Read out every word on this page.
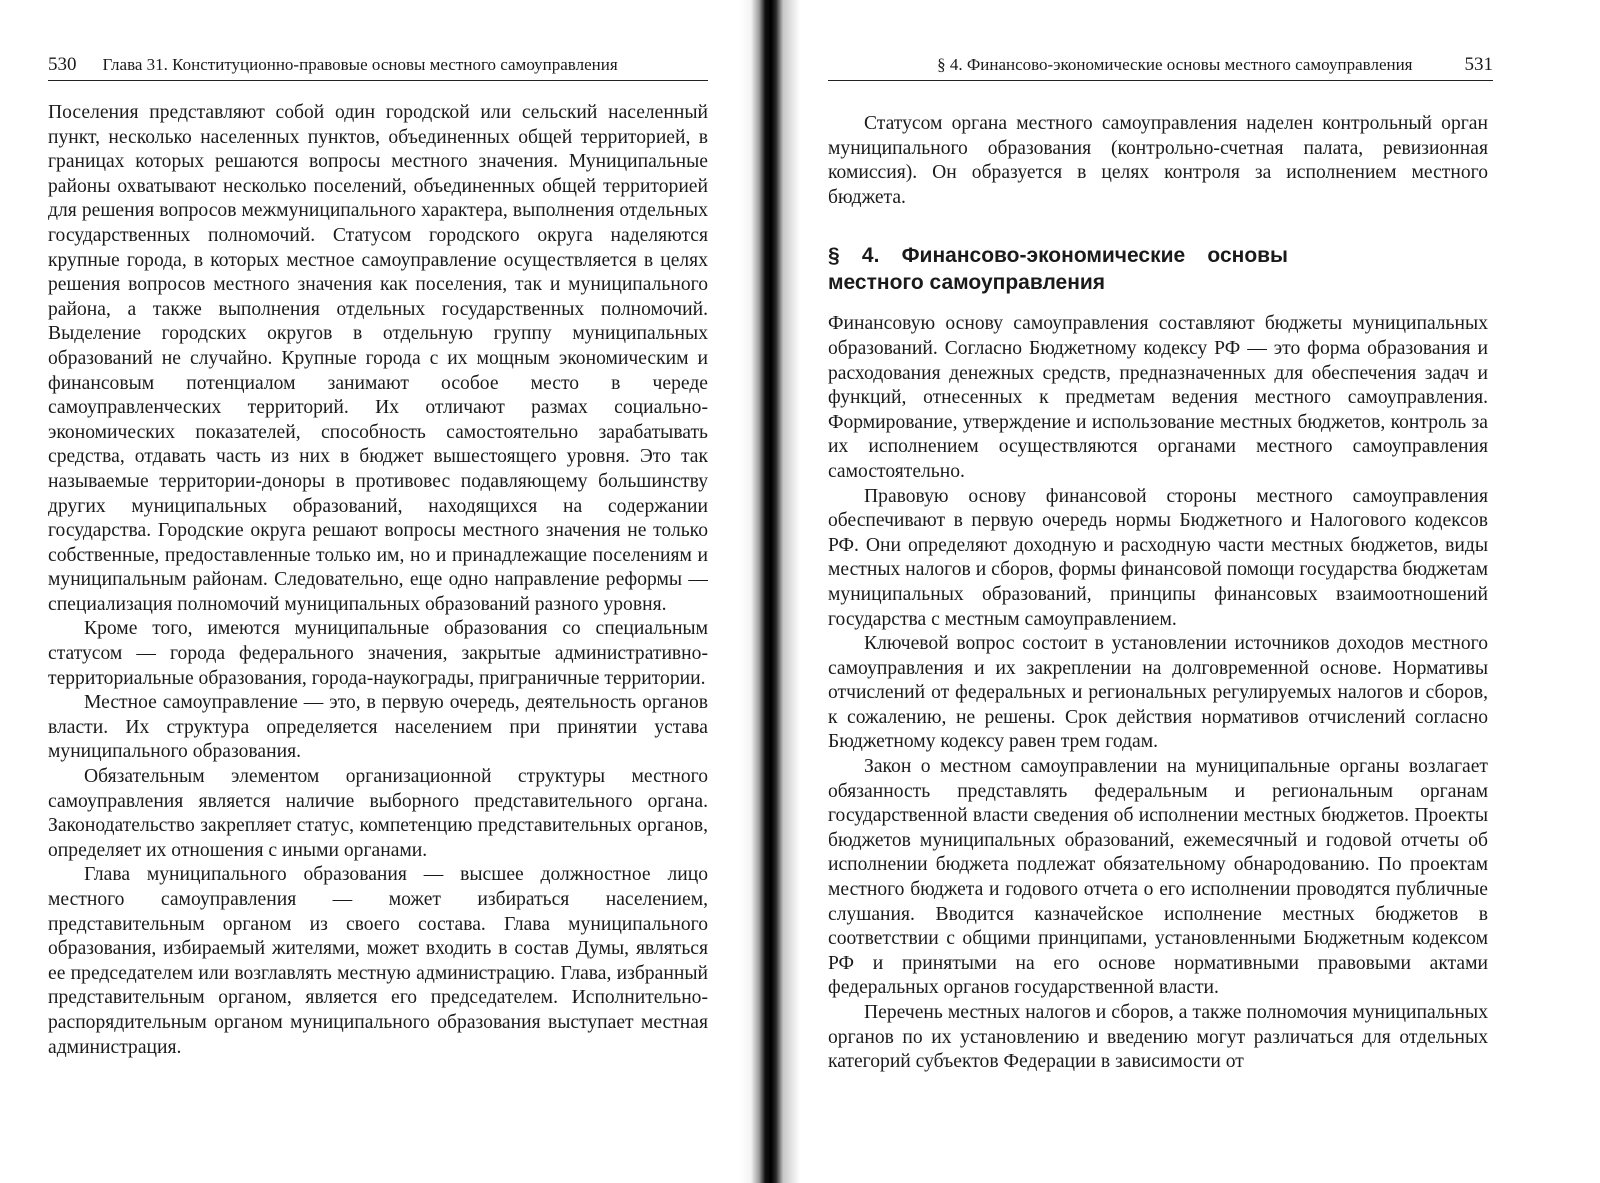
530 Глава 31. Конституционно-правовые основы местного самоуправления

Поселения представляют собой один городской или сельский населенный пункт, несколько населенных пунктов, объединенных общей территорией, в границах которых решаются вопросы местного значения. Муниципальные районы охватывают несколько поселений, объединенных общей территорией для решения вопросов межмуниципального характера, выполнения отдельных государственных полномочий. Статусом городского округа наделяются крупные города, в которых местное самоуправление осуществляется в целях решения вопросов местного значения как поселения, так и муниципального района, а также выполнения отдельных государственных полномочий. Выделение городских округов в отдельную группу муниципальных образований не случайно. Крупные города с их мощным экономическим и финансовым потенциалом занимают особое место в череде самоуправленческих территорий. Их отличают размах социально-экономических показателей, способность самостоятельно зарабатывать средства, отдавать часть из них в бюджет вышестоящего уровня. Это так называемые территории-доноры в противовес подавляющему большинству других муниципальных образований, находящихся на содержании государства. Городские округа решают вопросы местного значения не только собственные, предоставленные только им, но и принадлежащие поселениям и муниципальным районам. Следовательно, еще одно направление реформы — специализация полномочий муниципальных образований разного уровня.

Кроме того, имеются муниципальные образования со специальным статусом — города федерального значения, закрытые административно-территориальные образования, города-наукограды, приграничные территории.

Местное самоуправление — это, в первую очередь, деятельность органов власти. Их структура определяется населением при принятии устава муниципального образования.

Обязательным элементом организационной структуры местного самоуправления является наличие выборного представительного органа. Законодательство закрепляет статус, компетенцию представительных органов, определяет их отношения с иными органами.

Глава муниципального образования — высшее должностное лицо местного самоуправления — может избираться населением, представительным органом из своего состава. Глава муниципального образования, избираемый жителями, может входить в состав Думы, являться ее председателем или возглавлять местную администрацию. Глава, избранный представительным органом, является его председателем. Исполнительно-распорядительным органом муниципального образования выступает местная администрация.

§ 4. Финансово-экономические основы местного самоуправления	531

Статусом органа местного самоуправления наделен контрольный орган муниципального образования (контрольно-счетная палата, ревизионная комиссия). Он образуется в целях контроля за исполнением местного бюджета.

§ 4. Финансово-экономические основы местного самоуправления

Финансовую основу самоуправления составляют бюджеты муниципальных образований. Согласно Бюджетному кодексу РФ — это форма образования и расходования денежных средств, предназначенных для обеспечения задач и функций, отнесенных к предметам ведения местного самоуправления. Формирование, утверждение и использование местных бюджетов, контроль за их исполнением осуществляются органами местного самоуправления самостоятельно.

Правовую основу финансовой стороны местного самоуправления обеспечивают в первую очередь нормы Бюджетного и Налогового кодексов РФ. Они определяют доходную и расходную части местных бюджетов, виды местных налогов и сборов, формы финансовой помощи государства бюджетам муниципальных образований, принципы финансовых взаимоотношений государства с местным самоуправлением.

Ключевой вопрос состоит в установлении источников доходов местного самоуправления и их закреплении на долговременной основе. Нормативы отчислений от федеральных и региональных регулируемых налогов и сборов, к сожалению, не решены. Срок действия нормативов отчислений согласно Бюджетному кодексу равен трем годам.

Закон о местном самоуправлении на муниципальные органы возлагает обязанность представлять федеральным и региональным органам государственной власти сведения об исполнении местных бюджетов. Проекты бюджетов муниципальных образований, ежемесячный и годовой отчеты об исполнении бюджета подлежат обязательному обнародованию. По проектам местного бюджета и годового отчета о его исполнении проводятся публичные слушания. Вводится казначейское исполнение местных бюджетов в соответствии с общими принципами, установленными Бюджетным кодексом РФ и принятыми на его основе нормативными правовыми актами федеральных органов государственной власти.

Перечень местных налогов и сборов, а также полномочия муниципальных органов по их установлению и введению могут различаться для отдельных категорий субъектов Федерации в зависимости от
